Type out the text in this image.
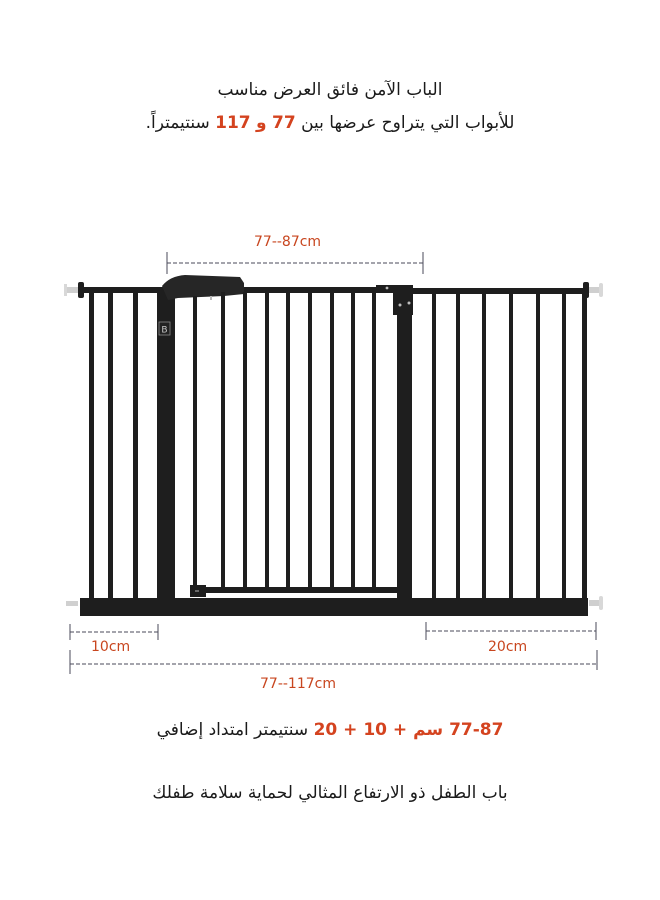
الباب الآمن فائق العرض مناسب
للأبواب التي يتراوح عرضها بين 77 و 117 سنتيمتراً.
B
77--87cm
10cm	20cm
77--117cm
77-87 سم + 10 + 20 سنتيمتر امتداد إضافي
باب الطفل ذو الارتفاع المثالي لحماية سلامة طفلك
